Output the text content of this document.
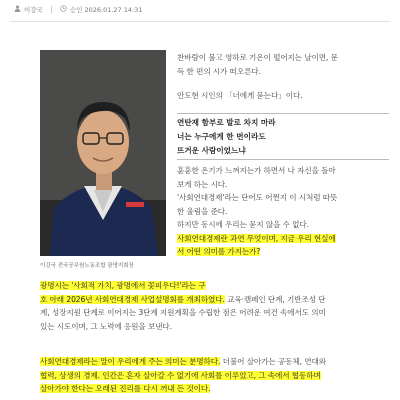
이강국	승인 2026.01.27 14:31
이강국 전국공무원노동조합 광명지회장
찬바람이 불고 영하로 기온이 떨어지는 날이면, 문
득 한 편의 시가 떠오른다.
안도현 시인의 「너에게 묻는다」이다.
연탄재 함부로 발로 차지 마라
너는 누구에게 한 번이라도
뜨거운 사람이었느냐
훈훈한 온기가 느껴지는가 하면서 나 자신을 돌아
보게 하는 시다.
'사회연대경제'라는 단어도 어쩐지 이 시처럼 따뜻
한 울림을 준다.
하지만 동시에 우리는 묻지 않을 수 없다.
사회연대경제란 과연 무엇이며, 지금 우리 현실에
서 어떤 의미를 가지는가?
광명시는 '사회적 가치, 광명에서 꽃피우다!'라는 구
호 아래 2026년 사회연대경제 사업설명회를 개최하였다. 교육·캠페인 단계, 기반조성 단
계, 성장지원 단계로 이어지는 3단계 지원계획을 수립한 점은 어려운 여건 속에서도 의미
있는 시도이며, 그 노력에 응원을 보낸다.
사회연대경제라는 말이 우리에게 주는 의미는 분명하다. 더불어 살아가는 공동체, 연대와
협력, 상생의 경제. 인간은 혼자 살아갈 수 없기에 사회를 이루었고, 그 속에서 협동하며
살아가야 한다는 오래된 진리를 다시 꺼내 든 것이다.
